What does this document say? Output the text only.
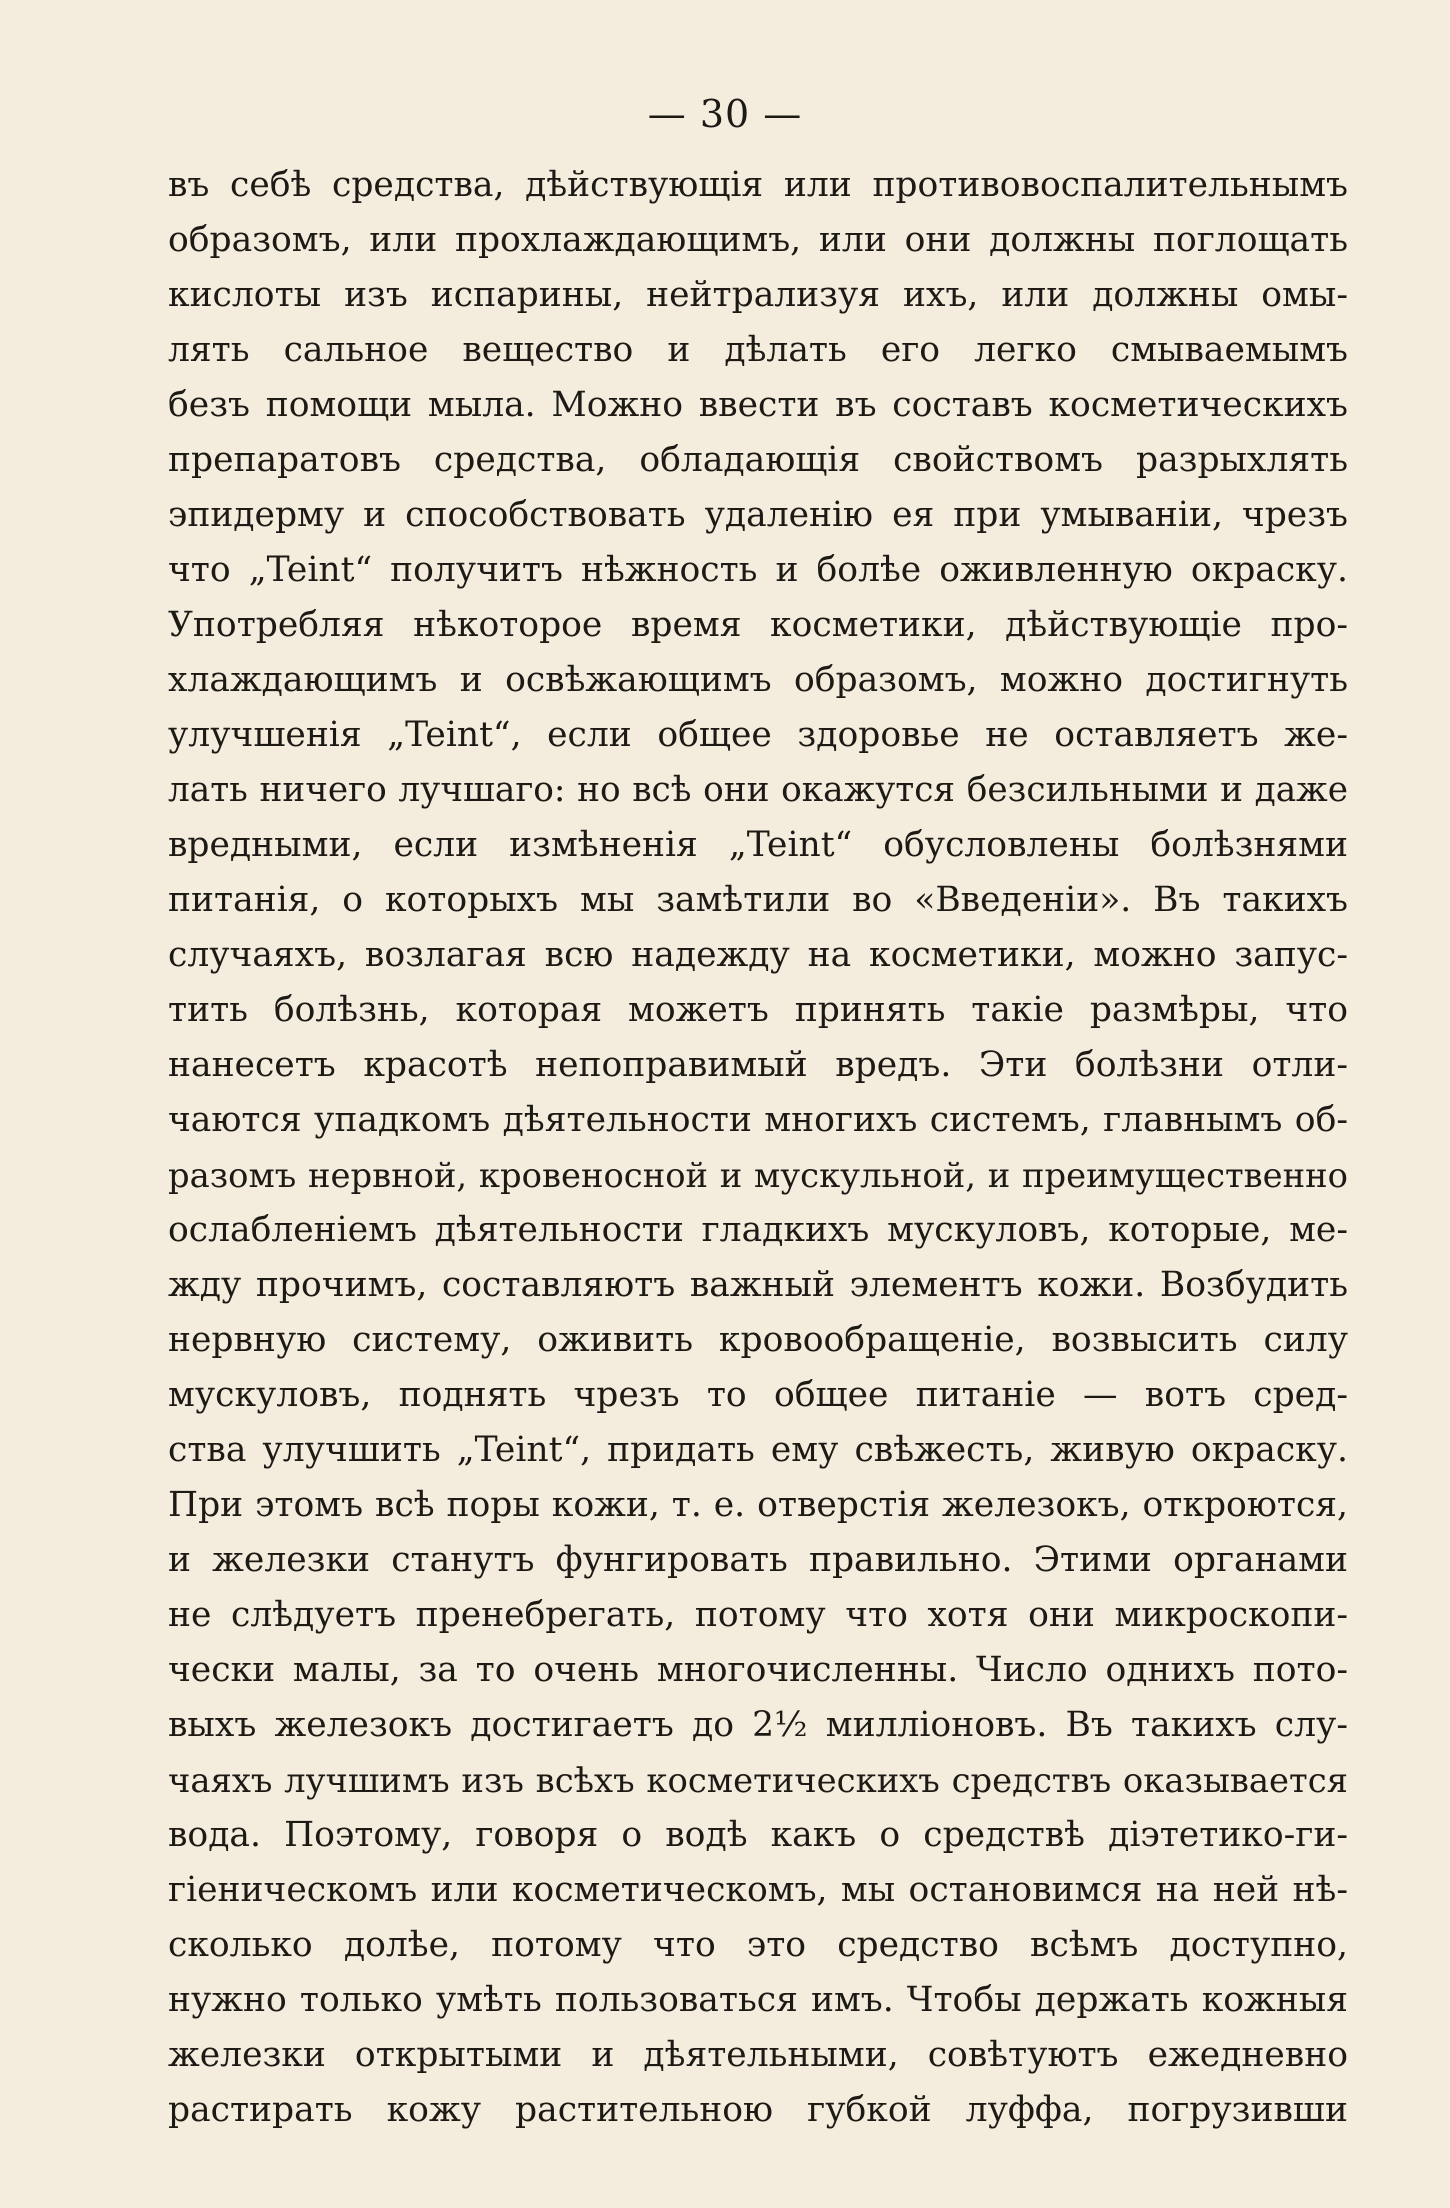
— 30 —
въ себѣ средства, дѣйствующія или противовоспалительнымъ
образомъ, или прохлаждающимъ, или они должны поглощать
кислоты изъ испарины, нейтрализуя ихъ, или должны омы-
лять сальное вещество и дѣлать его легко смываемымъ
безъ помощи мыла. Можно ввести въ составъ косметическихъ
препаратовъ средства, обладающія свойствомъ разрыхлять
эпидерму и способствовать удаленію ея при умываніи, чрезъ
что „Teint“ получитъ нѣжность и болѣе оживленную окраску.
Употребляя нѣкоторое время косметики, дѣйствующіе про-
хлаждающимъ и освѣжающимъ образомъ, можно достигнуть
улучшенія „Teint“, если общее здоровье не оставляетъ же-
лать ничего лучшаго: но всѣ они окажутся безсильными и даже
вредными, если измѣненія „Teint“ обусловлены болѣзнями
питанія, о которыхъ мы замѣтили во «Введеніи». Въ такихъ
случаяхъ, возлагая всю надежду на косметики, можно запус-
тить болѣзнь, которая можетъ принять такіе размѣры, что
нанесетъ красотѣ непоправимый вредъ. Эти болѣзни отли-
чаются упадкомъ дѣятельности многихъ системъ, главнымъ об-
разомъ нервной, кровеносной и мускульной, и преимущественно
ослабленіемъ дѣятельности гладкихъ мускуловъ, которые, ме-
жду прочимъ, составляютъ важный элементъ кожи. Возбудить
нервную систему, оживить кровообращеніе, возвысить силу
мускуловъ, поднять чрезъ то общее питаніе — вотъ сред-
ства улучшить „Teint“, придать ему свѣжесть, живую окраску.
При этомъ всѣ поры кожи, т. е. отверстія железокъ, откроются,
и железки станутъ фунгировать правильно. Этими органами
не слѣдуетъ пренебрегать, потому что хотя они микроскопи-
чески малы, за то очень многочисленны. Число однихъ пото-
выхъ железокъ достигаетъ до 2½ милліоновъ. Въ такихъ слу-
чаяхъ лучшимъ изъ всѣхъ косметическихъ средствъ оказывается
вода. Поэтому, говоря о водѣ какъ о средствѣ діэтетико-ги-
гіеническомъ или косметическомъ, мы остановимся на ней нѣ-
сколько долѣе, потому что это средство всѣмъ доступно,
нужно только умѣть пользоваться имъ. Чтобы держать кожныя
железки открытыми и дѣятельными, совѣтуютъ ежедневно
растирать кожу растительною губкой луффа, погрузивши
